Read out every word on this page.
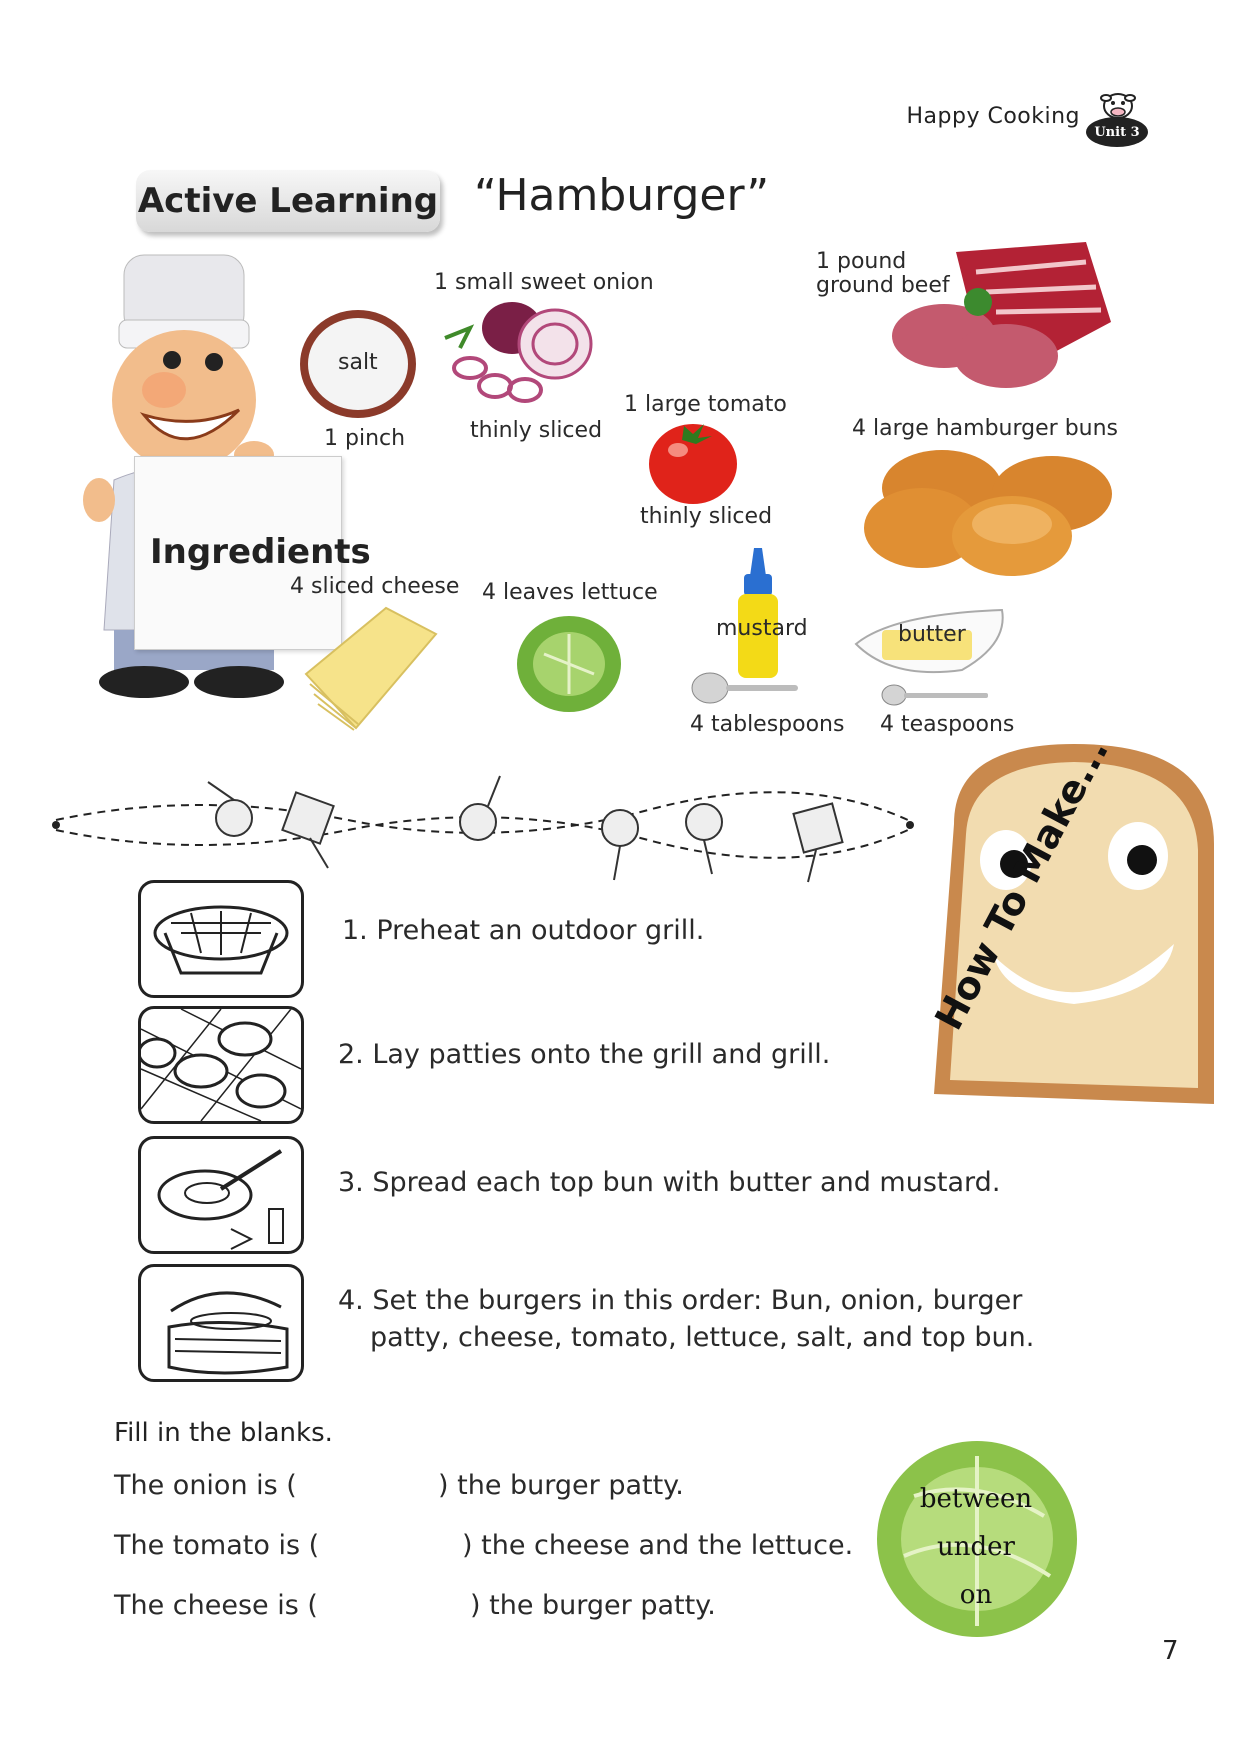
Happy Cooking
Unit 3
Active Learning “Hamburger”
Ingredients
salt
1 pinch
1 small sweet onion
thinly sliced
1 pound
ground beef
1 large tomato
thinly sliced
4 large hamburger buns
4 sliced cheese 4 leaves lettuce
mustard
4 tablespoons
butter
4 teaspoons
How To Make...
1. Preheat an outdoor grill.
2. Lay patties onto the grill and grill.
3. Spread each top bun with butter and mustard.
4. Set the burgers in this order: Bun, onion, burger
patty, cheese, tomato, lettuce, salt, and top bun.
Fill in the blanks.
The onion is (	) the burger patty.
The tomato is (	) the cheese and the lettuce.
The cheese is (	) the burger patty.
between
under
on
7
